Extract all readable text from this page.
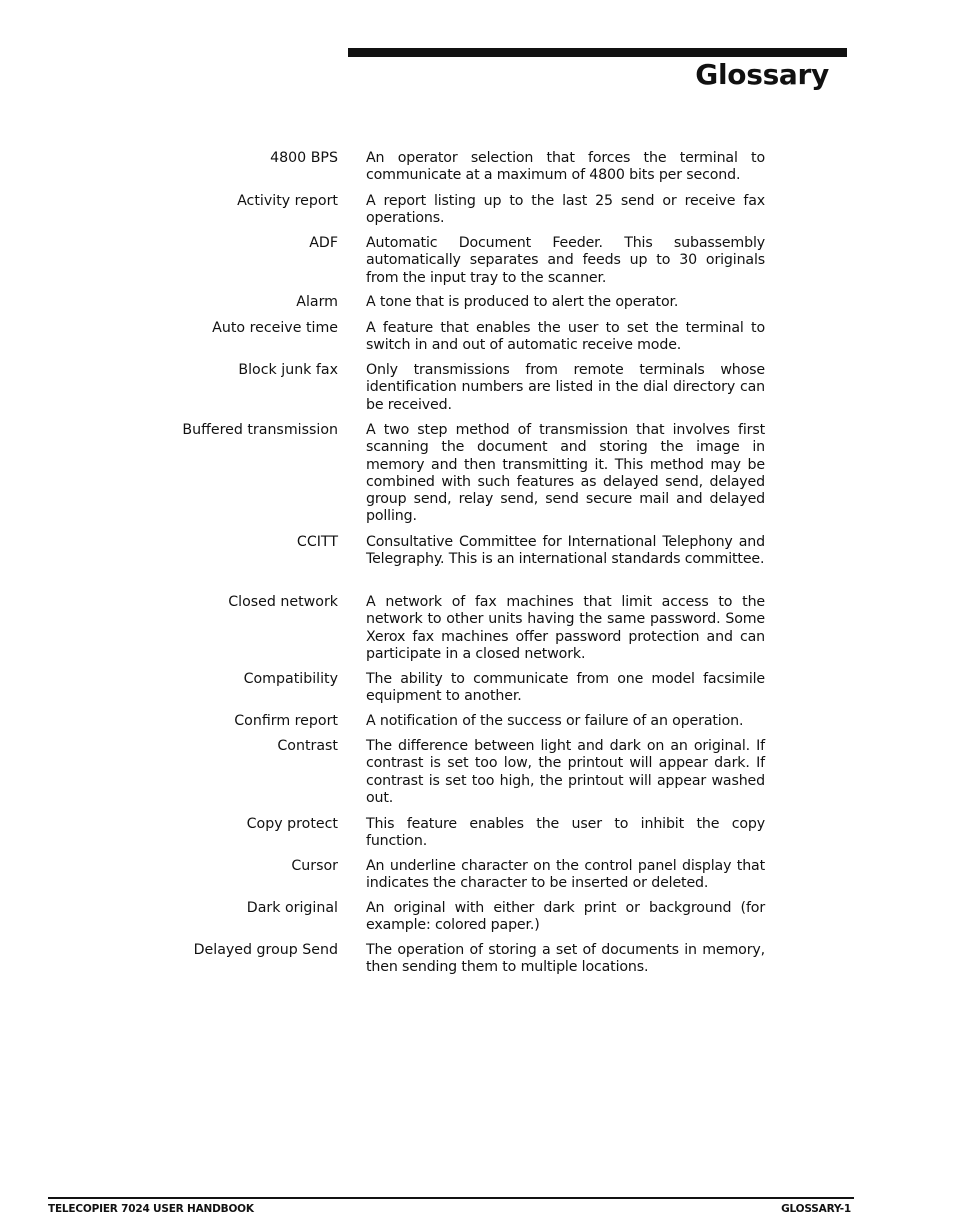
Glossary
4800 BPS An operator selection that forces the terminal to communicate at a maximum of 4800 bits per second.
Activity report A report listing up to the last 25 send or receive fax operations.
ADF Automatic Document Feeder. This subassembly automatically separates and feeds up to 30 originals from the input tray to the scanner.
Alarm A tone that is produced to alert the operator.
Auto receive time A feature that enables the user to set the terminal to switch in and out of automatic receive mode.
Block junk fax Only transmissions from remote terminals whose identification numbers are listed in the dial directory can be received.
Buffered transmission A two step method of transmission that involves first scanning the document and storing the image in memory and then transmitting it. This method may be combined with such features as delayed send, delayed group send, relay send, send secure mail and delayed polling.
CCITT Consultative Committee for International Telephony and Telegraphy. This is an international standards committee.
Closed network A network of fax machines that limit access to the network to other units having the same password. Some Xerox fax machines offer password protection and can participate in a closed network.
Compatibility The ability to communicate from one model facsimile equipment to another.
Confirm report A notification of the success or failure of an operation.
Contrast The difference between light and dark on an original. If contrast is set too low, the printout will appear dark. If contrast is set too high, the printout will appear washed out.
Copy protect This feature enables the user to inhibit the copy function.
Cursor An underline character on the control panel display that indicates the character to be inserted or deleted.
Dark original An original with either dark print or background (for example: colored paper.)
Delayed group Send The operation of storing a set of documents in memory, then sending them to multiple locations.
TELECOPIER 7024 USER HANDBOOK	GLOSSARY-1
